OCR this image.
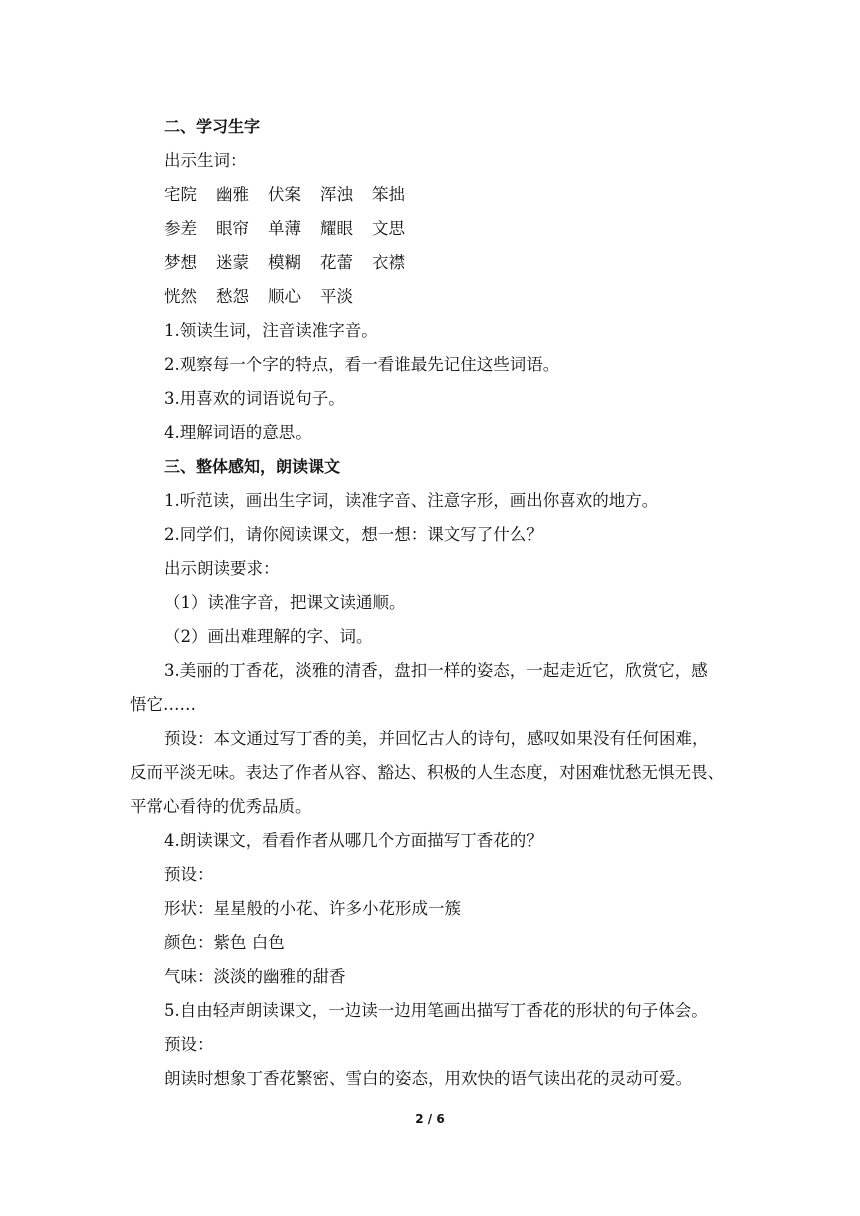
二、学习生字
出示生词：
宅院	幽雅	伏案	浑浊	笨拙
参差	眼帘	单薄	耀眼	文思
梦想	迷蒙	模糊	花蕾	衣襟
恍然	愁怨	顺心	平淡
1.领读生词，注音读准字音。
2.观察每一个字的特点，看一看谁最先记住这些词语。
3.用喜欢的词语说句子。
4.理解词语的意思。
三、整体感知，朗读课文
1.听范读，画出生字词，读准字音、注意字形，画出你喜欢的地方。
2.同学们，请你阅读课文，想一想：课文写了什么？
出示朗读要求：
（1）读准字音，把课文读通顺。
（2）画出难理解的字、词。
3.美丽的丁香花，淡雅的清香，盘扣一样的姿态，一起走近它，欣赏它，感
悟它……
预设：本文通过写丁香的美，并回忆古人的诗句，感叹如果没有任何困难，
反而平淡无味。表达了作者从容、豁达、积极的人生态度，对困难忧愁无惧无畏、
平常心看待的优秀品质。
4.朗读课文，看看作者从哪几个方面描写丁香花的？
预设：
形状：星星般的小花、许多小花形成一簇
颜色：紫色 白色
气味：淡淡的幽雅的甜香
5.自由轻声朗读课文，一边读一边用笔画出描写丁香花的形状的句子体会。
预设：
朗读时想象丁香花繁密、雪白的姿态，用欢快的语气读出花的灵动可爱。
2 / 6
